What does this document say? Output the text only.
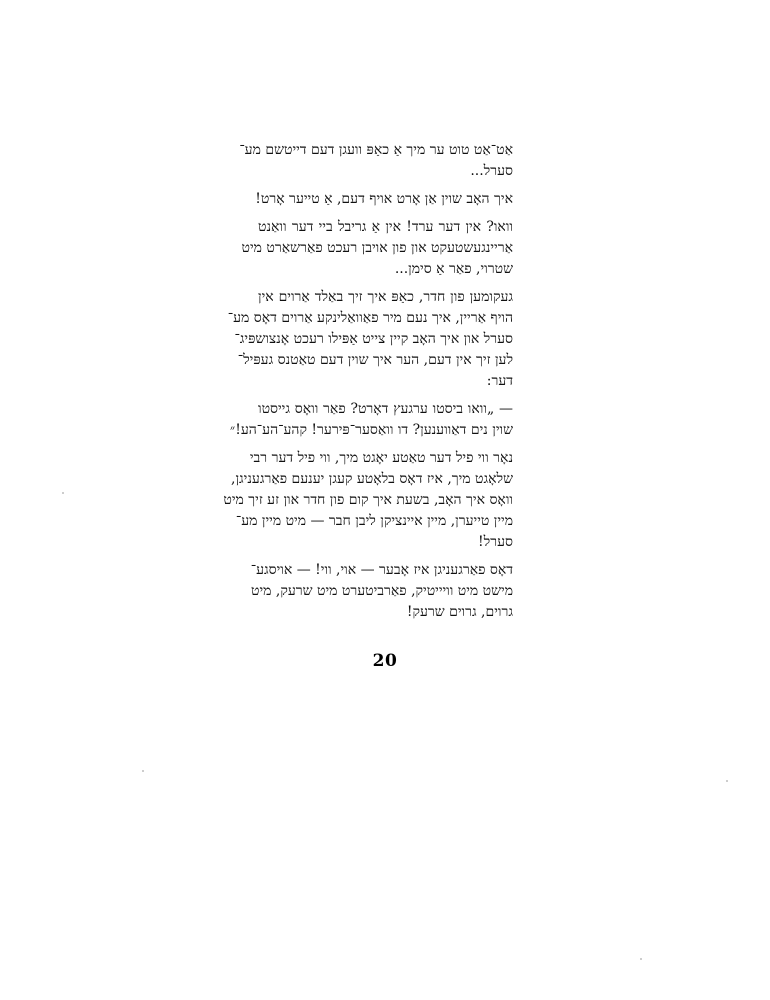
אַט־אַט טוט ער מיך אַ כאַפּ וועגן דעם דייטשם מע־
סערל...
איך האָב שוין אַן אָרט אויף דעם, אַ טייער אָרט!
וואו? אין דער ערד! אין אַ גריבל ביי דער וואַנט
אַריינגעשטעקט און פון אויבן רעכט פאַרשאַרט מיט
שטרוי, פאַר אַ סימן...
געקומען פון חדר, כאַפּ איך זיך באַלד אַרוים אין
הויף אַריין, איך נעם מיר פאַוואַלינקע אַרוים דאָס מע־
סערל און איך האָב קיין צייט אַפּילו רעכט אָנצושפּיג־
לען זיך אין דעם, הער איך שוין דעם טאַטנס געפּיל־
דער:
— „וואו ביסטו ערגעץ דאָרט? פאַר וואָס גייסטו
שוין נים דאַווענען? דו וואַסער־פּירער! קהע־הע־הע!״
נאָר ווי פיל דער טאַטע יאָגט מיך, ווי פיל דער רבי
שלאָגט מיך, איז דאָס בלאָטע קעגן יענעם פאַרגעניגן,
וואָס איך האָב, בשעת איך קום פון חדר און זע זיך מיט
מיין טייערן, מיין איינציקן ליבן חבר — מיט מיין מע־
סערל!
דאָס פאַרגעניגן איז אָבער — אוי, ווי! — אויסגע־
מישט מיט וויייטיק, פאַרביטערט מיט שרעק, מיט
גרוים, גרוים שרעק!
20
